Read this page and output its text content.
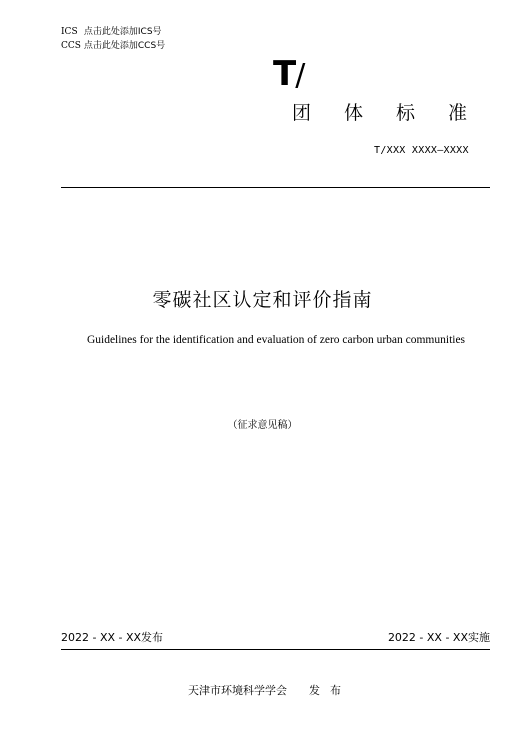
ICS 点击此处添加ICS号
CCS 点击此处添加CCS号
T/
团体标准
T/XXX XXXX—XXXX
零碳社区认定和评价指南
Guidelines for the identification and evaluation of zero carbon urban communities
（征求意见稿）
2022 - XX - XX发布	2022 - XX - XX实施
天津市环境科学学会 发布
